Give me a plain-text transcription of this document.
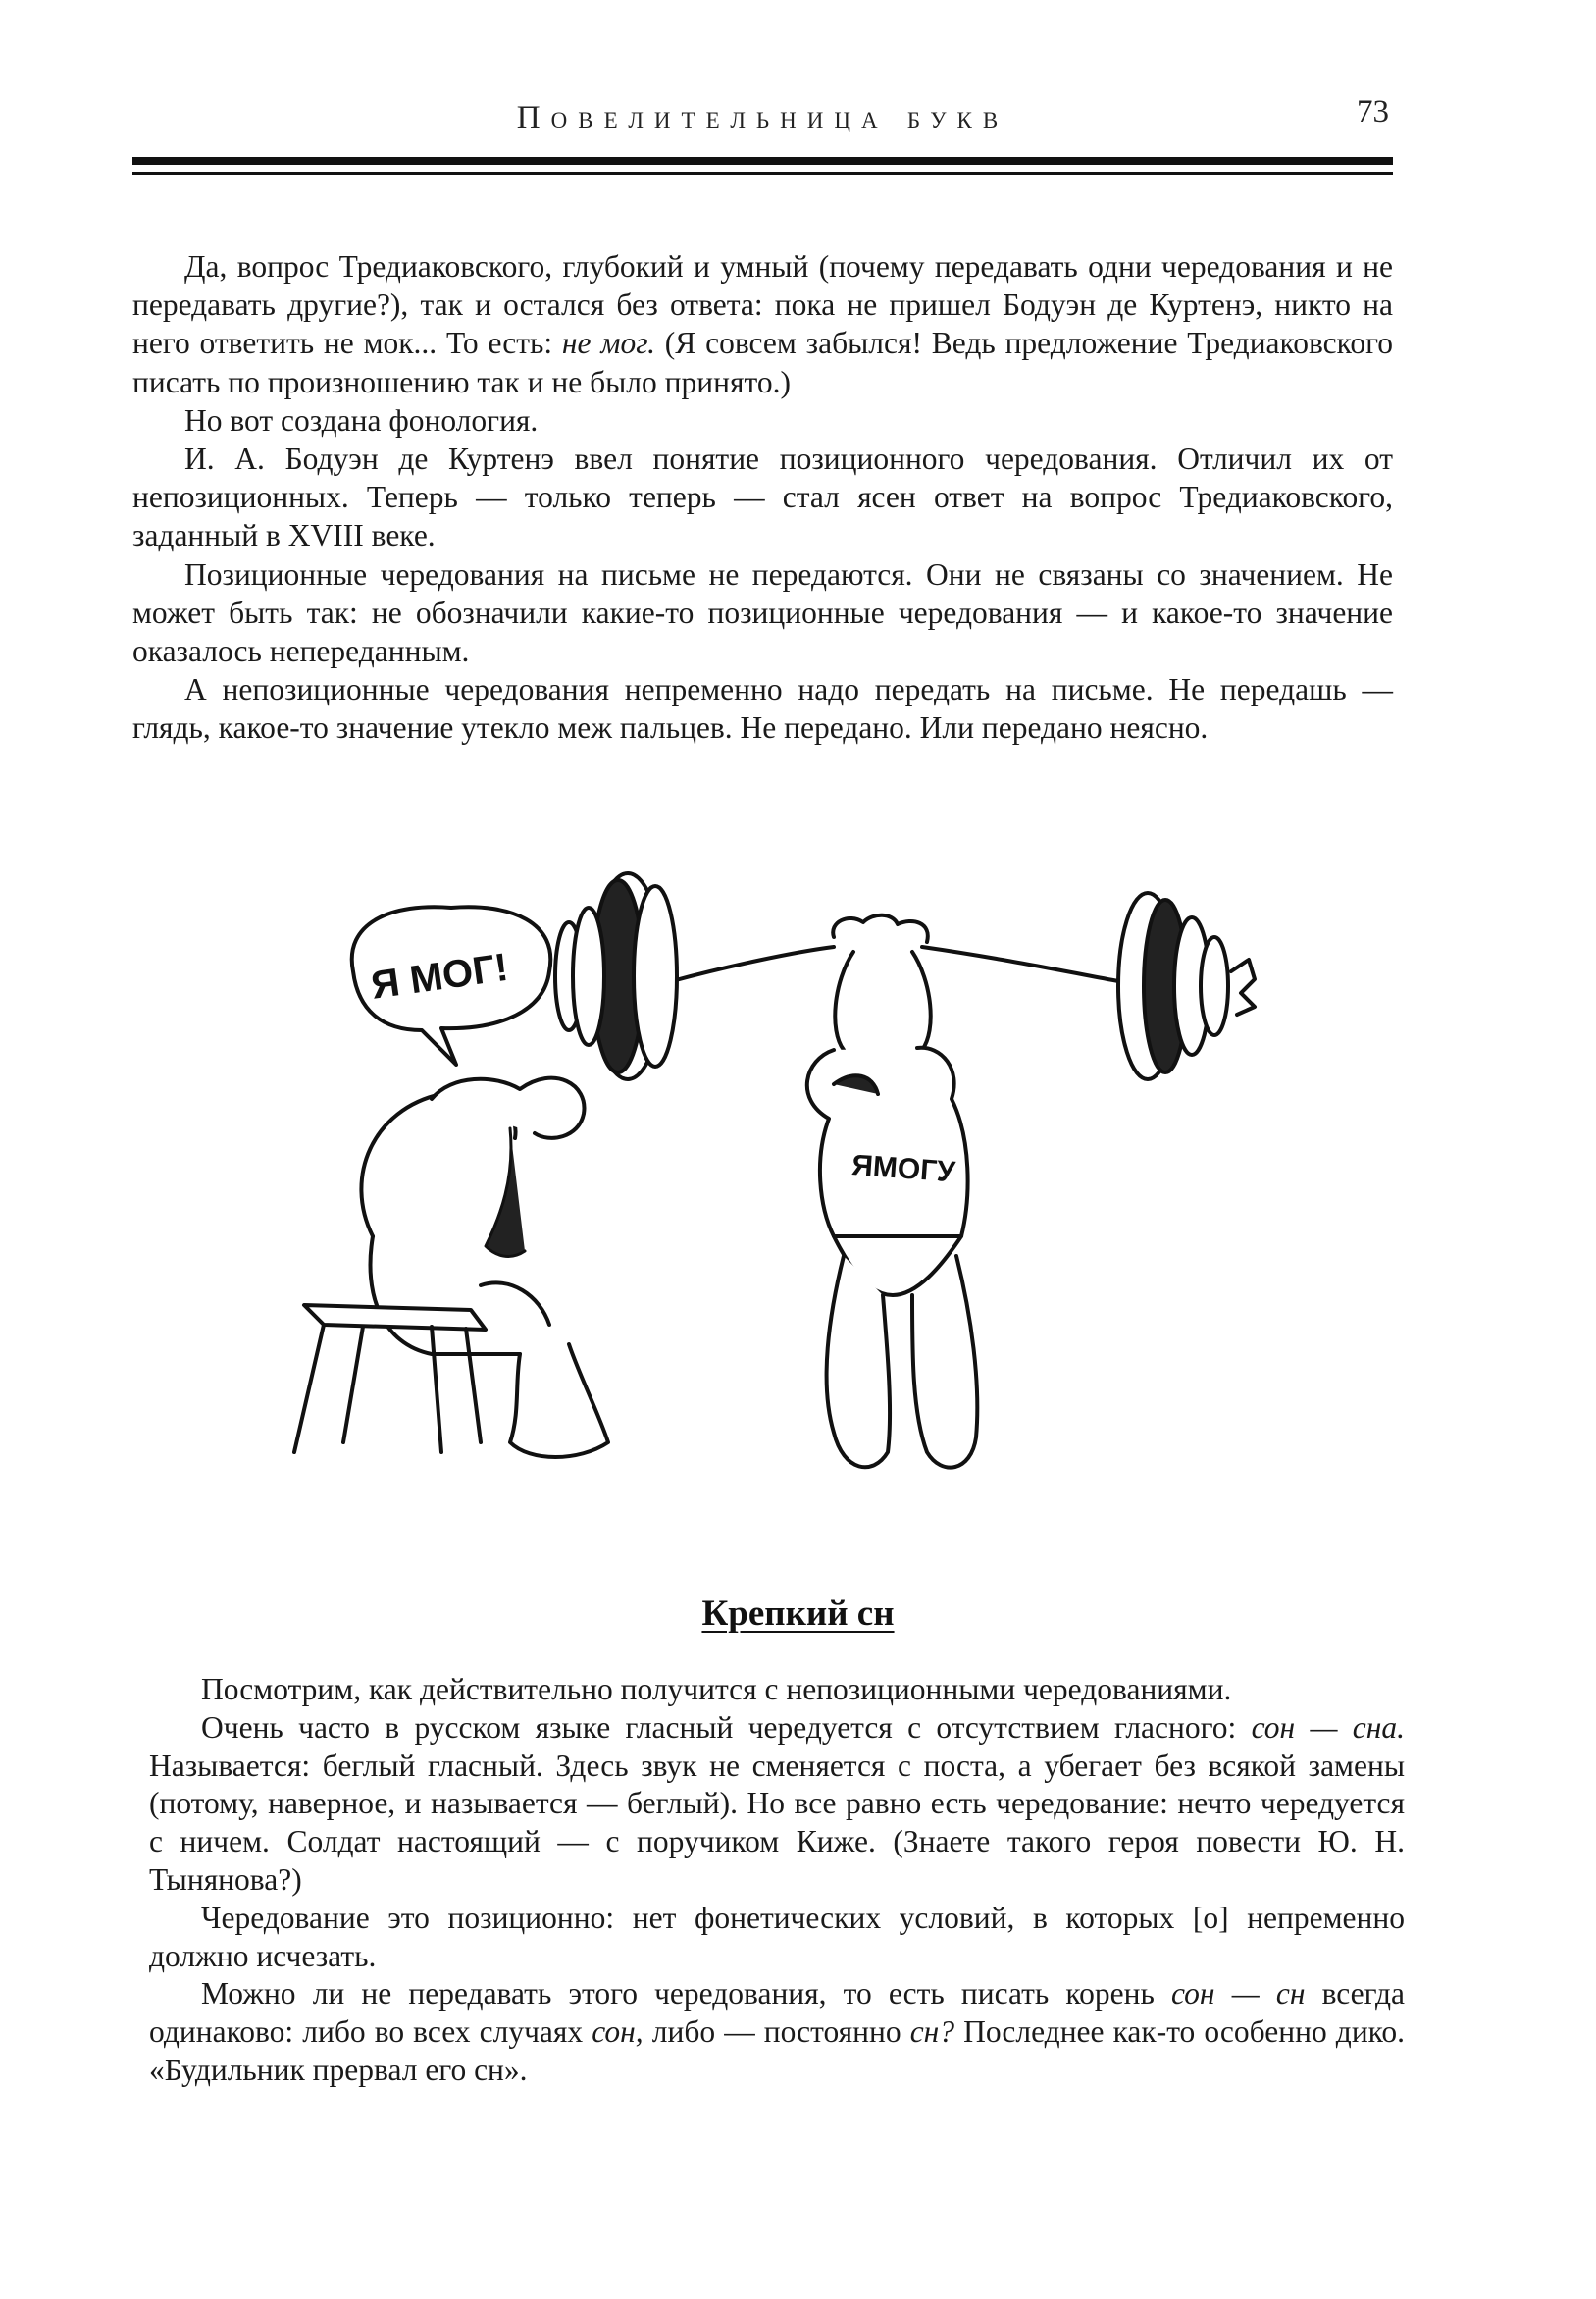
Повелительница букв	73

Да, вопрос Тредиаковского, глубокий и умный (почему передавать одни чередования и не передавать другие?), так и остался без ответа: пока не пришел Бодуэн де Куртенэ, никто на него ответить не мок... То есть: не мог. (Я совсем забылся! Ведь предложение Тредиаковского писать по произношению так и не было принято.)

Но вот создана фонология.

И. А. Бодуэн де Куртенэ ввел понятие позиционного чередования. Отличил их от непозиционных. Теперь — только теперь — стал ясен ответ на вопрос Тредиаковского, заданный в XVIII веке.

Позиционные чередования на письме не передаются. Они не связаны со значением. Не может быть так: не обозначили какие-то позиционные чередования — и какое-то значение оказалось непереданным.

А непозиционные чередования непременно надо передать на письме. Не передашь — глядь, какое-то значение утекло меж пальцев. Не передано. Или передано неясно.

Я МОГ!
ЯМОГУ
Крепкий сн

Посмотрим, как действительно получится с непозиционными чередованиями.

Очень часто в русском языке гласный чередуется с отсутствием гласного: сон — сна. Называется: беглый гласный. Здесь звук не сменяется с поста, а убегает без всякой замены (потому, наверное, и называется — беглый). Но все равно есть чередование: нечто чередуется с ничем. Солдат настоящий — с поручиком Киже. (Знаете такого героя повести Ю. Н. Тынянова?)

Чередование это позиционно: нет фонетических условий, в которых [о] непременно должно исчезать.

Можно ли не передавать этого чередования, то есть писать корень сон — сн всегда одинаково: либо во всех случаях сон, либо — постоянно сн? Последнее как-то особенно дико. «Будильник прервал его сн».
